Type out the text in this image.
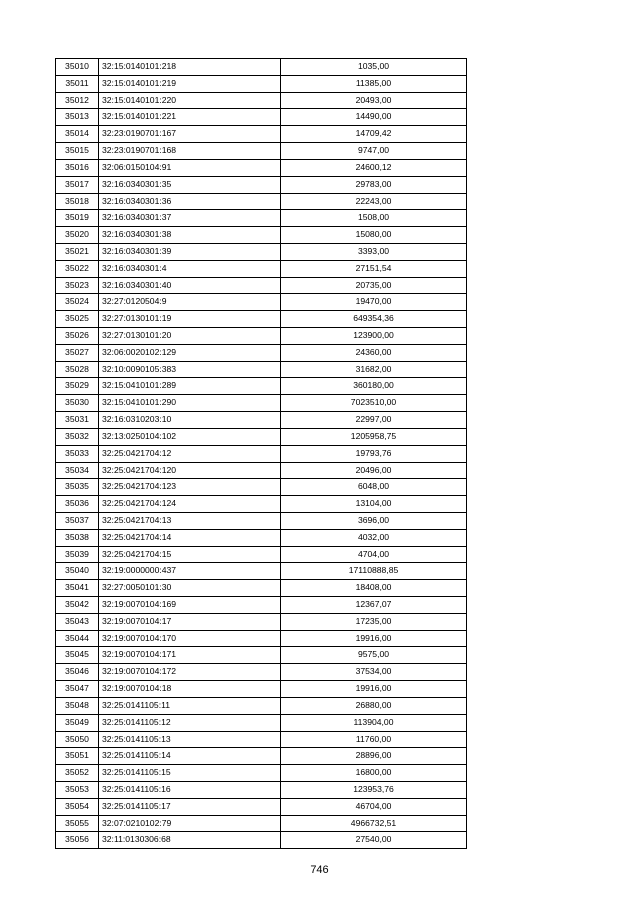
35010	32:15:0140101:218	1035,00
35011	32:15:0140101:219	11385,00
35012	32:15:0140101:220	20493,00
35013	32:15:0140101:221	14490,00
35014	32:23:0190701:167	14709,42
35015	32:23:0190701:168	9747,00
35016	32:06:0150104:91	24600,12
35017	32:16:0340301:35	29783,00
35018	32:16:0340301:36	22243,00
35019	32:16:0340301:37	1508,00
35020	32:16:0340301:38	15080,00
35021	32:16:0340301:39	3393,00
35022	32:16:0340301:4	27151,54
35023	32:16:0340301:40	20735,00
35024	32:27:0120504:9	19470,00
35025	32:27:0130101:19	649354,36
35026	32:27:0130101:20	123900,00
35027	32:06:0020102:129	24360,00
35028	32:10:0090105:383	31682,00
35029	32:15:0410101:289	360180,00
35030	32:15:0410101:290	7023510,00
35031	32:16:0310203:10	22997,00
35032	32:13:0250104:102	1205958,75
35033	32:25:0421704:12	19793,76
35034	32:25:0421704:120	20496,00
35035	32:25:0421704:123	6048,00
35036	32:25:0421704:124	13104,00
35037	32:25:0421704:13	3696,00
35038	32:25:0421704:14	4032,00
35039	32:25:0421704:15	4704,00
35040	32:19:0000000:437	17110888,85
35041	32:27:0050101:30	18408,00
35042	32:19:0070104:169	12367,07
35043	32:19:0070104:17	17235,00
35044	32:19:0070104:170	19916,00
35045	32:19:0070104:171	9575,00
35046	32:19:0070104:172	37534,00
35047	32:19:0070104:18	19916,00
35048	32:25:0141105:11	26880,00
35049	32:25:0141105:12	113904,00
35050	32:25:0141105:13	11760,00
35051	32:25:0141105:14	28896,00
35052	32:25:0141105:15	16800,00
35053	32:25:0141105:16	123953,76
35054	32:25:0141105:17	46704,00
35055	32:07:0210102:79	4966732,51
35056	32:11:0130306:68	27540,00
746
